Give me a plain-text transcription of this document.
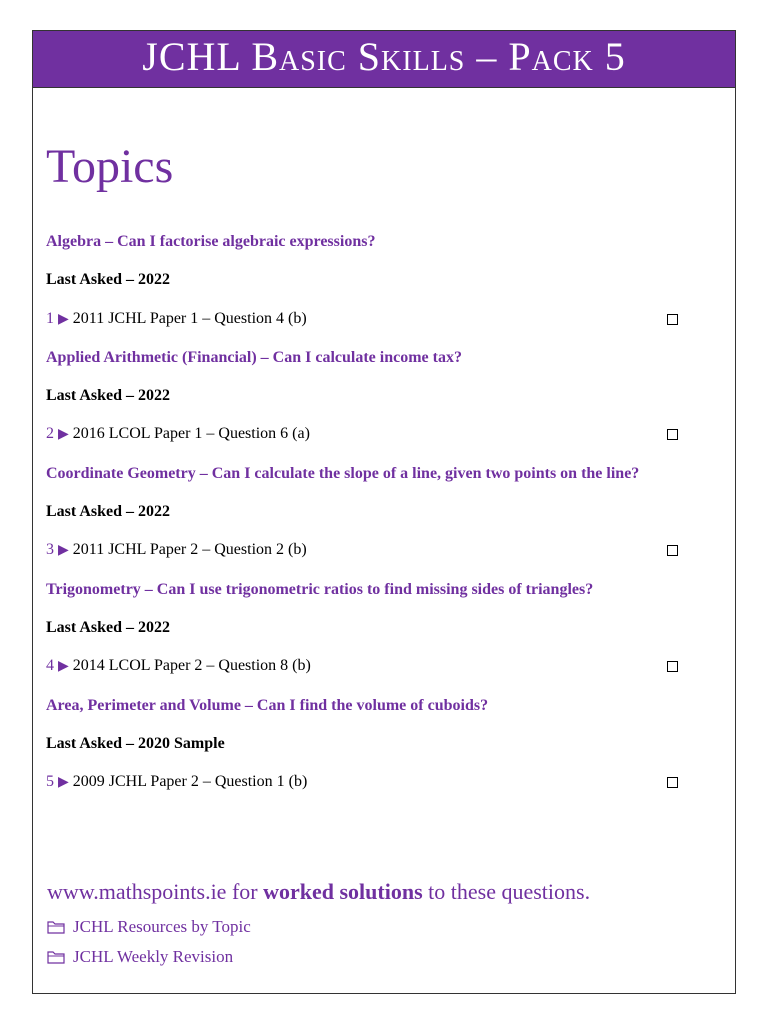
JCHL Basic Skills – Pack 5
Topics
Algebra – Can I factorise algebraic expressions?
Last Asked – 2022
1 ▶ 2011 JCHL Paper 1 – Question 4 (b)
Applied Arithmetic (Financial) – Can I calculate income tax?
Last Asked – 2022
2 ▶ 2016 LCOL Paper 1 – Question 6 (a)
Coordinate Geometry – Can I calculate the slope of a line, given two points on the line?
Last Asked – 2022
3 ▶ 2011 JCHL Paper 2 – Question 2 (b)
Trigonometry – Can I use trigonometric ratios to find missing sides of triangles?
Last Asked – 2022
4 ▶ 2014 LCOL Paper 2 – Question 8 (b)
Area, Perimeter and Volume – Can I find the volume of cuboids?
Last Asked – 2020 Sample
5 ▶ 2009 JCHL Paper 2 – Question 1 (b)
www.mathspoints.ie for worked solutions to these questions.
JCHL Resources by Topic
JCHL Weekly Revision
